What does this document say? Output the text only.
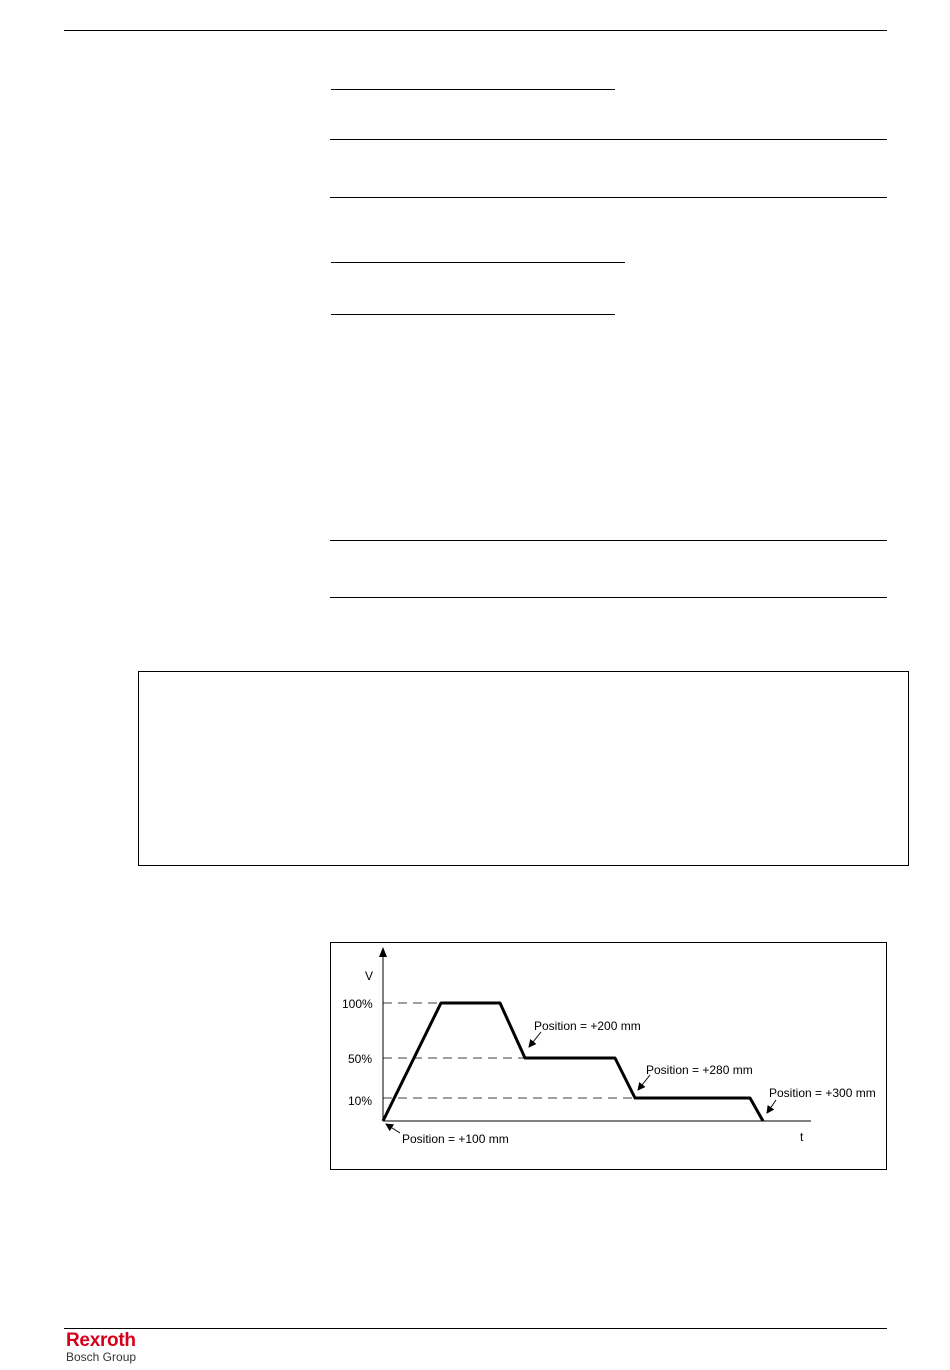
V
t
100%
50%
10%
Position = +100 mm
Position = +200 mm
Position = +280 mm
Position = +300 mm
Rexroth
Bosch Group
